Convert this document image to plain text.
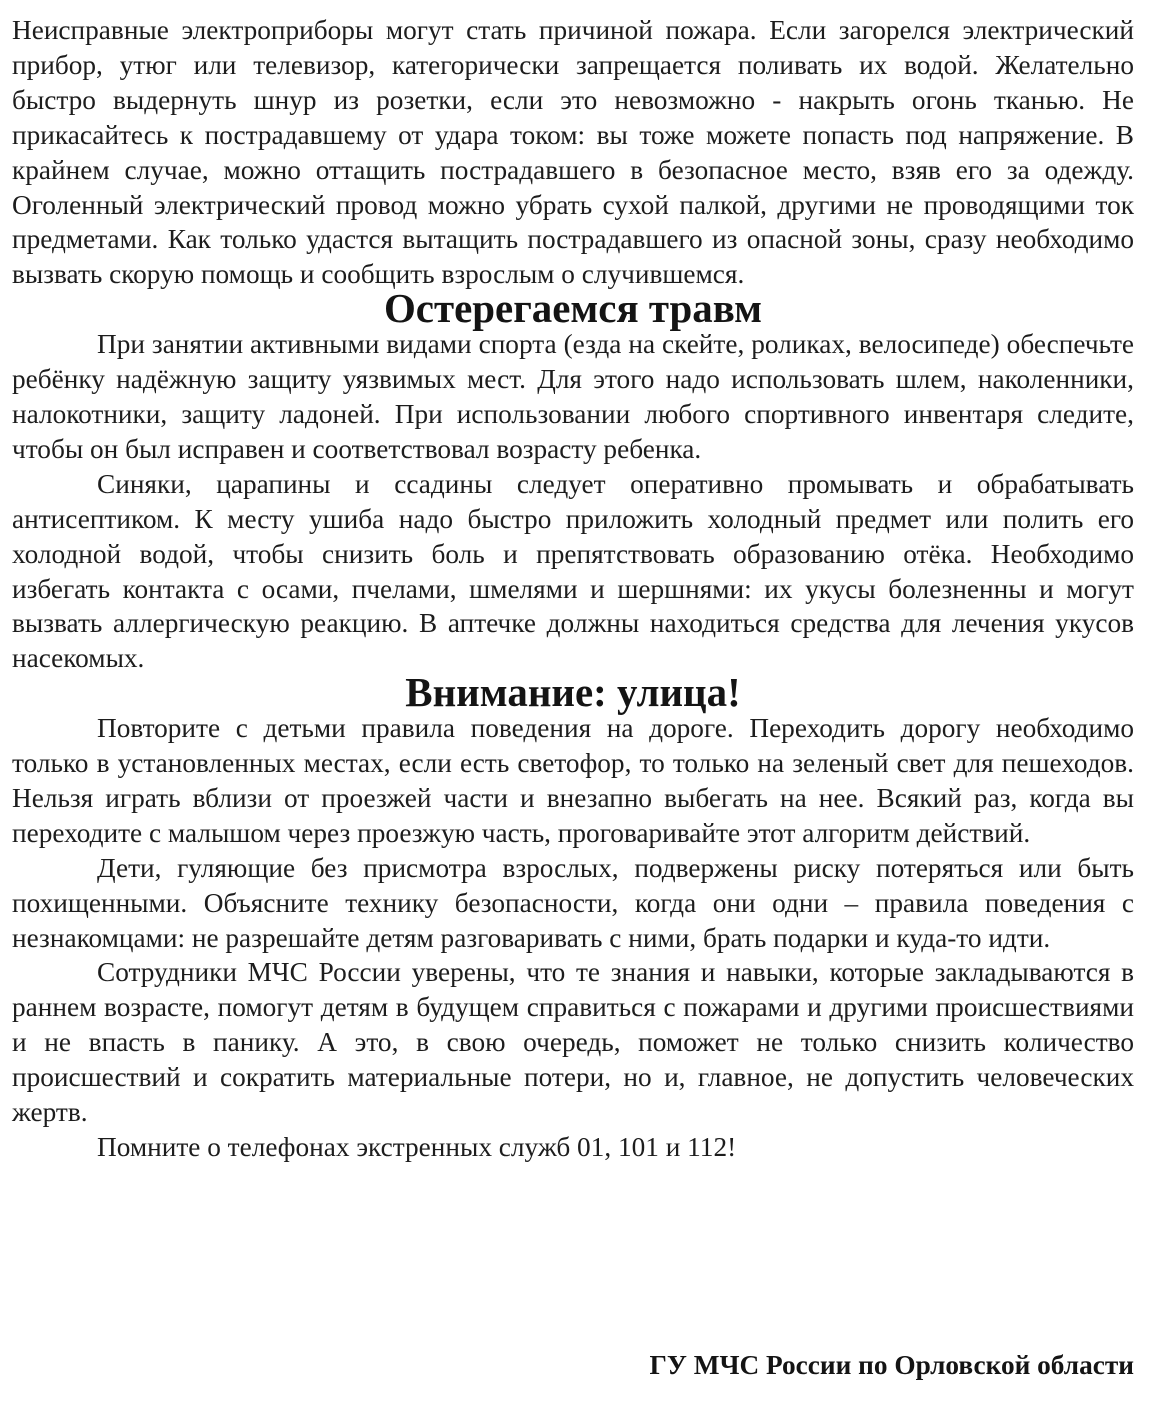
Неисправные электроприборы могут стать причиной пожара. Если загорелся электрический прибор, утюг или телевизор, категорически запрещается поливать их водой. Желательно быстро выдернуть шнур из розетки, если это невозможно - накрыть огонь тканью. Не прикасайтесь к пострадавшему от удара током: вы тоже можете попасть под напряжение. В крайнем случае, можно оттащить пострадавшего в безопасное место, взяв его за одежду. Оголенный электрический провод можно убрать сухой палкой, другими не проводящими ток предметами. Как только удастся вытащить пострадавшего из опасной зоны, сразу необходимо вызвать скорую помощь и сообщить взрослым о случившемся.

Остерегаемся травм

При занятии активными видами спорта (езда на скейте, роликах, велосипеде) обеспечьте ребёнку надёжную защиту уязвимых мест. Для этого надо использовать шлем, наколенники, налокотники, защиту ладоней. При использовании любого спортивного инвентаря следите, чтобы он был исправен и соответствовал возрасту ребенка.

Синяки, царапины и ссадины следует оперативно промывать и обрабатывать антисептиком. К месту ушиба надо быстро приложить холодный предмет или полить его холодной водой, чтобы снизить боль и препятствовать образованию отёка. Необходимо избегать контакта с осами, пчелами, шмелями и шершнями: их укусы болезненны и могут вызвать аллергическую реакцию. В аптечке должны находиться средства для лечения укусов насекомых.

Внимание: улица!

Повторите с детьми правила поведения на дороге. Переходить дорогу необходимо только в установленных местах, если есть светофор, то только на зеленый свет для пешеходов. Нельзя играть вблизи от проезжей части и внезапно выбегать на нее. Всякий раз, когда вы переходите с малышом через проезжую часть, проговаривайте этот алгоритм действий.

Дети, гуляющие без присмотра взрослых, подвержены риску потеряться или быть похищенными. Объясните технику безопасности, когда они одни – правила поведения с незнакомцами: не разрешайте детям разговаривать с ними, брать подарки и куда-то идти.

Сотрудники МЧС России уверены, что те знания и навыки, которые закладываются в раннем возрасте, помогут детям в будущем справиться с пожарами и другими происшествиями и не впасть в панику. А это, в свою очередь, поможет не только снизить количество происшествий и сократить материальные потери, но и, главное, не допустить человеческих жертв.

Помните о телефонах экстренных служб 01, 101 и 112!

ГУ МЧС России по Орловской области
